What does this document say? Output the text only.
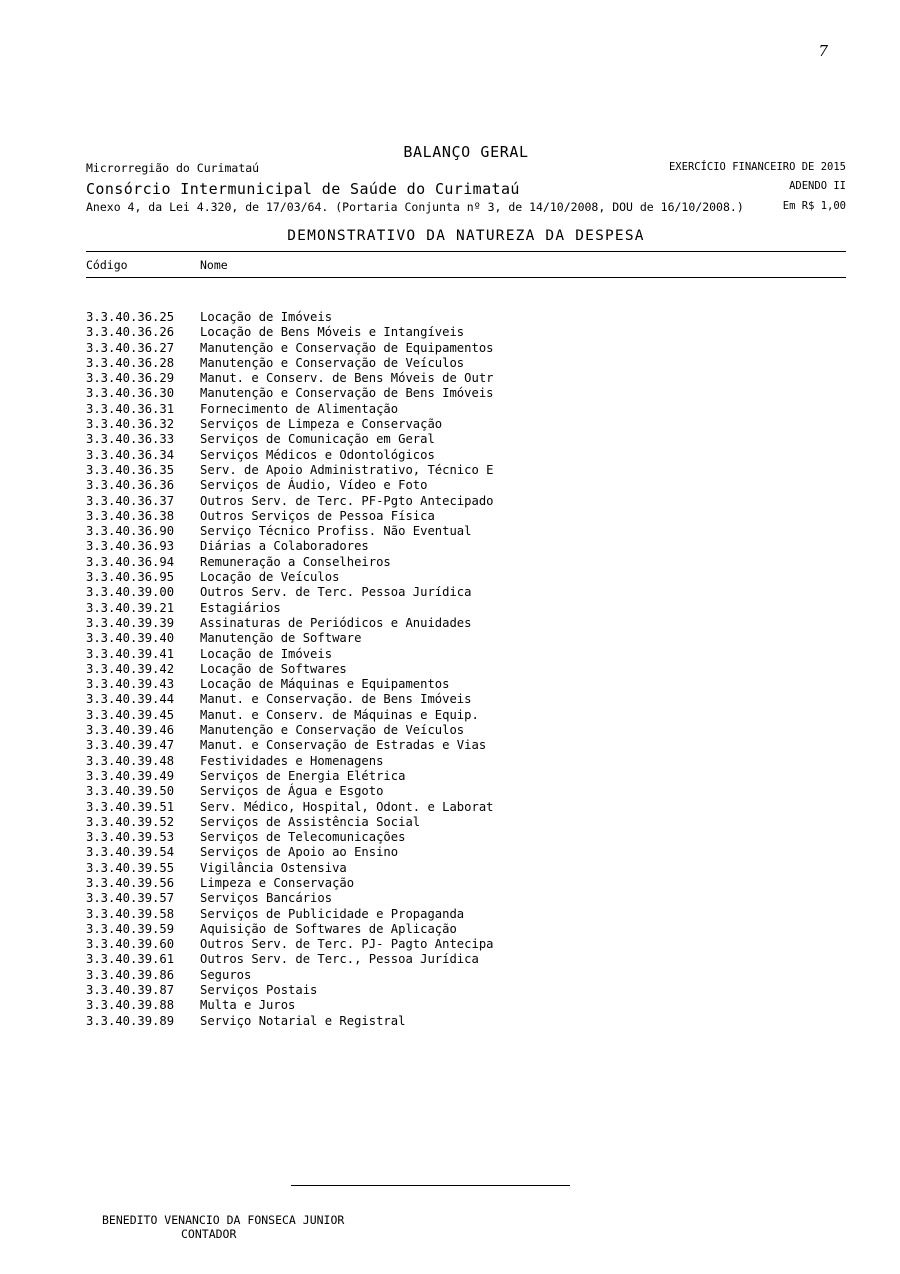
7
BALANÇO GERAL
Microrregião do Curimataú	EXERCÍCIO FINANCEIRO DE 2015
Consórcio Intermunicipal de Saúde do Curimataú	ADENDO II
Anexo 4, da Lei 4.320, de 17/03/64. (Portaria Conjunta nº 3, de 14/10/2008, DOU de 16/10/2008.)	Em R$ 1,00
DEMONSTRATIVO DA NATUREZA DA DESPESA
Código	Nome
3.3.40.36.25 Locação de Imóveis
3.3.40.36.26 Locação de Bens Móveis e Intangíveis
3.3.40.36.27 Manutenção e Conservação de Equipamentos
3.3.40.36.28 Manutenção e Conservação de Veículos
3.3.40.36.29 Manut. e Conserv. de Bens Móveis de Outr
3.3.40.36.30 Manutenção e Conservação de Bens Imóveis
3.3.40.36.31 Fornecimento de Alimentação
3.3.40.36.32 Serviços de Limpeza e Conservação
3.3.40.36.33 Serviços de Comunicação em Geral
3.3.40.36.34 Serviços Médicos e Odontológicos
3.3.40.36.35 Serv. de Apoio Administrativo, Técnico E
3.3.40.36.36 Serviços de Áudio, Vídeo e Foto
3.3.40.36.37 Outros Serv. de Terc. PF-Pgto Antecipado
3.3.40.36.38 Outros Serviços de Pessoa Física
3.3.40.36.90 Serviço Técnico Profiss. Não Eventual
3.3.40.36.93 Diárias a Colaboradores
3.3.40.36.94 Remuneração a Conselheiros
3.3.40.36.95 Locação de Veículos
3.3.40.39.00 Outros Serv. de Terc. Pessoa Jurídica
3.3.40.39.21 Estagiários
3.3.40.39.39 Assinaturas de Periódicos e Anuidades
3.3.40.39.40 Manutenção de Software
3.3.40.39.41 Locação de Imóveis
3.3.40.39.42 Locação de Softwares
3.3.40.39.43 Locação de Máquinas e Equipamentos
3.3.40.39.44 Manut. e Conservação. de Bens Imóveis
3.3.40.39.45 Manut. e Conserv. de Máquinas e Equip.
3.3.40.39.46 Manutenção e Conservação de Veículos
3.3.40.39.47 Manut. e Conservação de Estradas e Vias
3.3.40.39.48 Festividades e Homenagens
3.3.40.39.49 Serviços de Energia Elétrica
3.3.40.39.50 Serviços de Água e Esgoto
3.3.40.39.51 Serv. Médico, Hospital, Odont. e Laborat
3.3.40.39.52 Serviços de Assistência Social
3.3.40.39.53 Serviços de Telecomunicações
3.3.40.39.54 Serviços de Apoio ao Ensino
3.3.40.39.55 Vigilância Ostensiva
3.3.40.39.56 Limpeza e Conservação
3.3.40.39.57 Serviços Bancários
3.3.40.39.58 Serviços de Publicidade e Propaganda
3.3.40.39.59 Aquisição de Softwares de Aplicação
3.3.40.39.60 Outros Serv. de Terc. PJ- Pagto Antecipa
3.3.40.39.61 Outros Serv. de Terc., Pessoa Jurídica
3.3.40.39.86 Seguros
3.3.40.39.87 Serviços Postais
3.3.40.39.88 Multa e Juros
3.3.40.39.89 Serviço Notarial e Registral
BENEDITO VENANCIO DA FONSECA JUNIOR
CONTADOR
